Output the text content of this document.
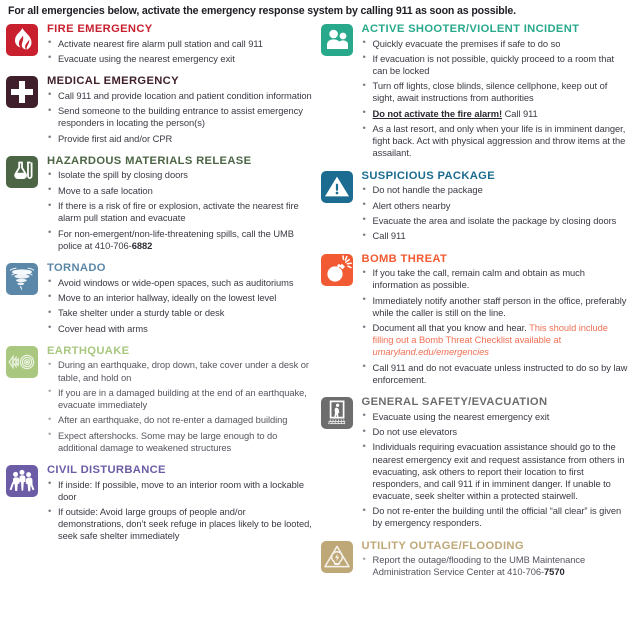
For all emergencies below, activate the emergency response system by calling 911 as soon as possible.
FIRE EMERGENCY
• Activate nearest fire alarm pull station and call 911
• Evacuate using the nearest emergency exit
MEDICAL EMERGENCY
• Call 911 and provide location and patient condition information
• Send someone to the building entrance to assist emergency responders in locating the person(s)
• Provide first aid and/or CPR
HAZARDOUS MATERIALS RELEASE
• Isolate the spill by closing doors
• Move to a safe location
• If there is a risk of fire or explosion, activate the nearest fire alarm pull station and evacuate
• For non-emergent/non-life-threatening spills, call the UMB police at 410-706-6882
TORNADO
• Avoid windows or wide-open spaces, such as auditoriums
• Move to an interior hallway, ideally on the lowest level
• Take shelter under a sturdy table or desk
• Cover head with arms
EARTHQUAKE
• During an earthquake, drop down, take cover under a desk or table, and hold on
• If you are in a damaged building at the end of an earthquake, evacuate immediately
• After an earthquake, do not re-enter a damaged building
• Expect aftershocks. Some may be large enough to do additional damage to weakened structures
CIVIL DISTURBANCE
• If inside: If possible, move to an interior room with a lockable door
• If outside: Avoid large groups of people and/or demonstrations, don’t seek refuge in places likely to be looted, seek safe shelter immediately
ACTIVE SHOOTER/VIOLENT INCIDENT
• Quickly evacuate the premises if safe to do so
• If evacuation is not possible, quickly proceed to a room that can be locked
• Turn off lights, close blinds, silence cellphone, keep out of sight, await instructions from authorities
• Do not activate the fire alarm! Call 911
• As a last resort, and only when your life is in imminent danger, fight back. Act with physical aggression and throw items at the assailant.
SUSPICIOUS PACKAGE
• Do not handle the package
• Alert others nearby
• Evacuate the area and isolate the package by closing doors
• Call 911
BOMB THREAT
• If you take the call, remain calm and obtain as much information as possible.
• Immediately notify another staff person in the office, preferably while the caller is still on the line.
• Document all that you know and hear. This should include filling out a Bomb Threat Checklist available at umaryland.edu/emergencies
• Call 911 and do not evacuate unless instructed to do so by law enforcement.
GENERAL SAFETY/EVACUATION
• Evacuate using the nearest emergency exit
• Do not use elevators
• Individuals requiring evacuation assistance should go to the nearest emergency exit and request assistance from others in evacuating, ask others to report their location to first responders, and call 911 if in imminent danger. If unable to evacuate, seek shelter within a protected stairwell.
• Do not re-enter the building until the official “all clear” is given by emergency responders.
UTILITY OUTAGE/FLOODING
• Report the outage/flooding to the UMB Maintenance Administration Service Center at 410-706-7570
